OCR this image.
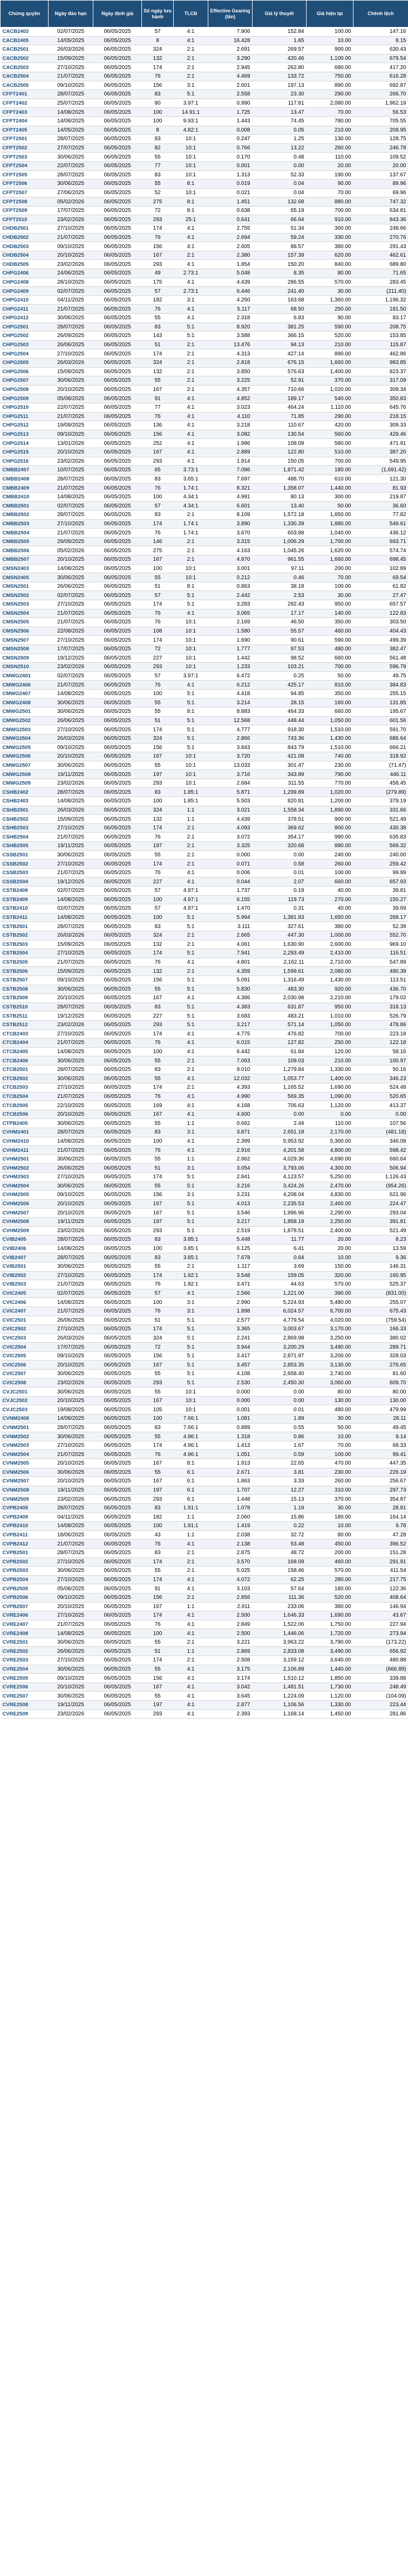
Chứng quyền	Ngày đáo hạn	Ngày định giá	Số ngày lưu hành	TLCĐ	Effective Gearing (lần)	Giá lý thuyết	Giá hiện tại	Chênh lệch
CACB2403	02/07/2025	06/05/2025	57	4:1	7.906	152.84	100.00	147.16
CACB2405	14/05/2025	06/05/2025	8	4:1	16.428	1.65	10.00	8.15
CACB2501	26/03/2026	06/05/2025	324	2:1	2.691	269.57	900.00	630.43
CACB2502	15/09/2025	06/05/2025	132	2:1	3.290	420.46	1,100.00	679.54
CACB2503	27/10/2025	06/05/2025	174	2:1	2.945	262.80	680.00	417.20
CACB2504	21/07/2025	06/05/2025	76	2:1	4.469	133.72	750.00	616.28
CACB2505	09/10/2025	06/05/2025	156	3:1	2.601	197.13	890.00	692.87
CFPT2401	28/07/2025	06/05/2025	83	5:1	2.558	23.30	290.00	266.70
CFPT2402	25/07/2025	06/05/2025	80	3.97:1	0.990	117.81	2,080.00	1,962.19
CFPT2403	14/08/2025	06/05/2025	100	14.91:1	1.725	13.47	70.00	56.53
CFPT2404	14/08/2025	06/05/2025	100	9.93:1	1.443	74.45	780.00	705.55
CFPT2405	14/05/2025	06/05/2025	8	4.82:1	0.008	0.05	210.00	209.95
CFPT2501	28/07/2025	06/05/2025	83	10:1	0.247	1.25	130.00	128.75
CFPT2502	27/07/2025	06/05/2025	82	10:1	0.766	13.22	260.00	246.78
CFPT2503	30/06/2025	06/05/2025	55	10:1	0.170	0.48	110.00	109.52
CFPT2504	22/07/2025	06/05/2025	77	10:1	0.001	0.00	20.00	20.00
CFPT2505	28/07/2025	06/05/2025	83	10:1	1.313	52.33	190.00	137.67
CFPT2506	30/06/2025	06/05/2025	55	8:1	0.019	0.04	90.00	89.96
CFPT2507	27/06/2025	06/05/2025	52	10:1	0.021	0.04	70.00	69.96
CFPT2508	05/02/2026	06/05/2025	275	8:1	1.451	132.68	880.00	747.32
CFPT2509	17/07/2025	06/05/2025	72	8:1	0.638	65.19	700.00	634.81
CFPT2510	23/02/2026	06/05/2025	293	25:1	0.641	66.64	910.00	843.36
CHDB2501	27/10/2025	06/05/2025	174	4:1	2.755	51.34	300.00	248.66
CHDB2502	21/07/2025	06/05/2025	76	4:1	2.694	59.24	330.00	270.76
CHDB2503	09/10/2025	06/05/2025	156	4:1	2.605	88.57	380.00	291.43
CHDB2504	20/10/2025	06/05/2025	167	2:1	2.380	157.39	620.00	462.61
CHDB2505	23/02/2026	06/05/2025	293	4:1	1.854	150.20	840.00	689.80
CHPG2406	24/06/2025	06/05/2025	49	2.73:1	5.048	8.35	80.00	71.65
CHPG2408	28/10/2025	06/05/2025	175	4:1	4.439	286.55	570.00	283.45
CHPG2409	02/07/2025	06/05/2025	57	2.73:1	6.446	241.40	30.00	(211.40)
CHPG2410	04/11/2025	06/05/2025	182	3:1	4.250	163.68	1,360.00	1,196.32
CHPG2411	21/07/2025	06/05/2025	76	4:1	5.117	68.50	250.00	181.50
CHPG2412	30/06/2025	06/05/2025	55	4:1	2.318	6.83	90.00	83.17
CHPG2501	28/07/2025	06/05/2025	83	5:1	8.920	381.25	590.00	208.75
CHPG2502	26/09/2025	06/05/2025	143	5:1	3.588	366.15	520.00	153.85
CHPG2503	26/06/2025	06/05/2025	51	2:1	13.476	94.13	210.00	115.87
CHPG2504	27/10/2025	06/05/2025	174	2:1	4.313	427.14	890.00	462.86
CHPG2505	26/03/2026	06/05/2025	324	2:1	2.818	676.15	1,660.00	983.85
CHPG2506	15/09/2025	06/05/2025	132	2:1	3.850	576.63	1,400.00	823.37
CHPG2507	30/06/2025	06/05/2025	55	2:1	3.225	52.91	370.00	317.09
CHPG2508	20/10/2025	06/05/2025	167	2:1	4.357	710.66	1,020.00	309.34
CHPG2509	05/08/2025	06/05/2025	91	4:1	4.852	189.17	540.00	350.83
CHPG2510	22/07/2025	06/05/2025	77	4:1	3.023	464.24	1,110.00	645.76
CHPG2511	21/07/2025	06/05/2025	76	4:1	4.110	71.85	290.00	218.15
CHPG2512	19/09/2025	06/05/2025	136	4:1	3.218	110.67	420.00	309.33
CHPG2513	09/10/2025	06/05/2025	156	4:1	3.082	130.54	560.00	429.46
CHPG2514	13/01/2026	06/05/2025	252	4:1	1.996	108.09	580.00	471.91
CHPG2515	20/10/2025	06/05/2025	167	4:1	2.889	122.80	510.00	387.20
CHPG2516	23/02/2026	06/05/2025	293	4:1	1.914	150.05	700.00	549.95
CMBB2407	10/07/2025	06/05/2025	65	3.73:1	7.086	1,871.42	180.00	(1,691.42)
CMBB2408	28/07/2025	06/05/2025	83	3.65:1	7.697	488.70	610.00	121.30
CMBB2409	21/07/2025	06/05/2025	76	1.74:1	8.321	1,358.07	1,440.00	81.93
CMBB2410	14/08/2025	06/05/2025	100	4.34:1	4.991	80.13	300.00	219.87
CMBB2501	02/07/2025	06/05/2025	57	4.34:1	6.601	13.40	50.00	36.60
CMBB2502	28/07/2025	06/05/2025	83	2:1	8.109	1,572.18	1,650.00	77.82
CMBB2503	27/10/2025	06/05/2025	174	1.74:1	3.890	1,330.39	1,880.00	549.61
CMBB2504	21/07/2025	06/05/2025	76	1.74:1	3.670	603.88	1,040.00	436.12
CMBB2505	29/09/2025	06/05/2025	146	2:1	3.315	1,006.29	1,700.00	693.71
CMBB2506	05/02/2026	06/05/2025	275	2:1	4.163	1,045.26	1,620.00	574.74
CMBB2507	20/10/2025	06/05/2025	167	2:1	4.870	961.55	1,660.00	698.45
CMSN2403	14/08/2025	06/05/2025	100	10:1	3.001	97.11	200.00	102.89
CMSN2405	30/06/2025	06/05/2025	55	10:1	0.212	0.46	70.00	69.54
CMSN2501	26/06/2025	06/05/2025	51	8:1	0.863	38.18	100.00	61.82
CMSN2502	02/07/2025	06/05/2025	57	5:1	2.442	2.53	30.00	27.47
CMSN2503	27/10/2025	06/05/2025	174	5:1	3.283	292.43	950.00	657.57
CMSN2504	21/07/2025	06/05/2025	76	4:1	3.065	17.17	140.00	122.83
CMSN2505	21/07/2025	06/05/2025	76	10:1	2.169	46.50	350.00	303.50
CMSN2506	22/08/2025	06/05/2025	108	10:1	1.580	55.57	460.00	404.43
CMSN2507	27/10/2025	06/05/2025	174	10:1	1.690	90.61	590.00	499.39
CMSN2508	17/07/2025	06/05/2025	72	10:1	1.777	97.53	480.00	382.47
CMSN2509	19/12/2025	06/05/2025	227	10:1	1.442	98.52	660.00	561.48
CMSN2510	23/02/2026	06/05/2025	293	10:1	1.233	103.21	700.00	596.79
CMWG2401	02/07/2025	06/05/2025	57	3.97:1	6.472	0.25	50.00	49.75
CMWG2406	21/07/2025	06/05/2025	76	4:1	6.212	425.17	810.00	384.83
CMWG2407	14/08/2025	06/05/2025	100	5:1	4.418	94.85	350.00	255.15
CMWG2408	30/06/2025	06/05/2025	55	5:1	3.214	28.15	160.00	131.85
CMWG2501	30/06/2025	06/05/2025	55	8:1	8.883	464.33	660.00	195.67
CMWG2502	26/06/2025	06/05/2025	51	5:1	12.568	448.44	1,050.00	601.56
CMWG2503	27/10/2025	06/05/2025	174	5:1	4.777	918.30	1,510.00	591.70
CMWG2504	26/03/2026	06/05/2025	324	5:1	2.866	743.36	1,430.00	686.64
CMWG2505	09/10/2025	06/05/2025	156	5:1	3.843	843.79	1,510.00	666.21
CMWG2506	20/10/2025	06/05/2025	167	10:1	3.720	421.08	740.00	318.92
CMWG2507	30/06/2025	06/05/2025	55	10:1	13.033	301.47	230.00	(71.47)
CMWG2508	19/11/2025	06/05/2025	197	10:1	3.716	343.89	790.00	446.11
CMWG2509	23/02/2026	06/05/2025	293	10:1	2.684	311.55	770.00	458.45
CSHB2402	28/07/2025	06/05/2025	83	1.85:1	5.871	1,299.89	1,020.00	(279.89)
CSHB2403	14/08/2025	06/05/2025	100	1.85:1	5.503	820.81	1,200.00	379.19
CSHB2501	26/03/2026	06/05/2025	324	1:1	3.021	1,558.34	1,890.00	331.66
CSHB2502	15/09/2025	06/05/2025	132	1:1	4.439	378.51	900.00	521.49
CSHB2503	27/10/2025	06/05/2025	174	2:1	4.093	369.62	800.00	430.38
CSHB2504	21/07/2025	06/05/2025	76	2:1	3.072	354.17	990.00	635.83
CSHB2505	19/11/2025	06/05/2025	197	2:1	3.325	320.68	890.00	569.32
CSSB2501	30/06/2025	06/05/2025	55	2:1	0.000	0.00	240.00	240.00
CSSB2502	27/10/2025	06/05/2025	174	2:1	0.071	0.58	260.00	259.42
CSSB2503	21/07/2025	06/05/2025	76	4:1	0.006	0.01	100.00	99.99
CSSB2504	19/12/2025	06/05/2025	227	4:1	0.044	2.07	660.00	657.93
CSTB2408	02/07/2025	06/05/2025	57	4.97:1	1.737	0.19	40.00	39.81
CSTB2409	14/08/2025	06/05/2025	100	4.97:1	6.155	119.73	270.00	150.27
CSTB2410	02/07/2025	06/05/2025	57	4.97:1	1.470	0.31	40.00	39.69
CSTB2411	14/08/2025	06/05/2025	100	5:1	5.994	1,381.83	1,650.00	268.17
CSTB2501	28/07/2025	06/05/2025	83	5:1	3.111	327.61	380.00	52.39
CSTB2502	26/03/2026	06/05/2025	324	2:1	2.665	447.30	1,000.00	552.70
CSTB2503	15/09/2025	06/05/2025	132	2:1	4.061	1,630.90	2,600.00	969.10
CSTB2504	27/10/2025	06/05/2025	174	5:1	7.941	2,293.49	2,410.00	116.51
CSTB2505	21/07/2025	06/05/2025	76	4:1	4.801	2,162.11	2,710.00	547.89
CSTB2506	15/09/2025	06/05/2025	132	2:1	4.359	1,599.61	2,080.00	480.39
CSTB2507	09/10/2025	06/05/2025	156	5:1	5.091	1,316.49	1,430.00	113.51
CSTB2508	30/06/2025	06/05/2025	55	5:1	5.830	483.30	920.00	436.70
CSTB2509	20/10/2025	06/05/2025	167	4:1	4.386	2,030.98	2,210.00	179.02
CSTB2510	28/07/2025	06/05/2025	83	5:1	4.383	631.87	950.00	318.13
CSTB2511	19/12/2025	06/05/2025	227	5:1	3.683	483.21	1,010.00	526.79
CSTB2512	23/02/2026	06/05/2025	293	5:1	3.217	571.14	1,050.00	478.86
CTCB2403	27/10/2025	06/05/2025	174	4:1	4.775	476.82	700.00	223.18
CTCB2404	21/07/2025	06/05/2025	76	4:1	6.015	127.82	250.00	122.18
CTCB2405	14/08/2025	06/05/2025	100	4:1	6.442	61.84	120.00	58.16
CTCB2406	30/06/2025	06/05/2025	55	2:1	7.063	109.03	210.00	100.97
CTCB2501	28/07/2025	06/05/2025	83	2:1	9.010	1,279.84	1,330.00	50.16
CTCB2502	30/06/2025	06/05/2025	55	4:1	12.032	1,053.77	1,400.00	346.23
CTCB2503	27/10/2025	06/05/2025	174	2:1	4.393	1,165.52	1,690.00	524.48
CTCB2504	21/07/2025	06/05/2025	76	4:1	4.990	569.35	1,090.00	520.65
CTCB2505	22/10/2025	06/05/2025	169	4:1	4.168	706.63	1,120.00	413.37
CTCB2506	20/10/2025	06/05/2025	167	4:1	4.600	0.00	0.00	0.00
CTPB2405	30/06/2025	06/05/2025	55	1:1	0.662	2.44	110.00	107.56
CVHM2401	28/07/2025	06/05/2025	83	3:1	3.871	2,651.18	2,170.00	(481.18)
CVHM2410	14/08/2025	06/05/2025	100	4:1	2.399	5,953.92	5,300.00	346.08
CVHM2411	21/07/2025	06/05/2025	76	4:1	2.916	4,201.58	4,800.00	598.42
CVHM2501	30/06/2025	06/05/2025	55	1:1	2.962	4,029.36	4,690.00	660.64
CVHM2502	26/06/2025	06/05/2025	51	3:1	3.054	3,793.06	4,300.00	506.94
CVHM2503	27/10/2025	06/05/2025	174	5:1	2.841	4,123.57	5,250.00	1,126.43
CVHM2504	30/06/2025	06/05/2025	55	5:1	3.216	3,424.26	2,470.00	(954.26)
CVHM2505	09/10/2025	06/05/2025	156	3:1	3.231	4,208.04	4,830.00	621.96
CVHM2506	20/10/2025	06/05/2025	167	5:1	4.013	2,235.53	2,460.00	224.47
CVHM2507	20/10/2025	06/05/2025	167	5:1	3.546	1,996.96	2,290.00	293.04
CVHM2508	19/11/2025	06/05/2025	197	5:1	3.217	1,858.19	2,250.00	391.81
CVHM2509	23/02/2026	06/05/2025	293	5:1	2.519	1,878.51	2,400.00	521.49
CVIB2405	28/07/2025	06/05/2025	83	3.85:1	5.448	11.77	20.00	8.23
CVIB2406	14/08/2025	06/05/2025	100	3.85:1	6.125	6.41	20.00	13.59
CVIB2407	28/07/2025	06/05/2025	83	3.85:1	7.678	0.64	10.00	9.36
CVIB2501	30/06/2025	06/05/2025	55	2:1	1.117	3.69	150.00	146.31
CVIB2502	27/10/2025	06/05/2025	174	1.92:1	3.548	159.05	320.00	160.95
CVIB2503	21/07/2025	06/05/2025	76	1.92:1	3.471	44.63	570.00	525.37
CVIC2405	02/07/2025	06/05/2025	57	4:1	2.566	1,221.00	390.00	(831.00)
CVIC2406	14/08/2025	06/05/2025	100	3:1	2.990	5,224.93	5,480.00	255.07
CVIC2407	21/07/2025	06/05/2025	76	3:1	1.898	6,024.57	6,700.00	675.43
CVIC2501	26/06/2025	06/05/2025	51	5:1	2.577	4,779.54	4,020.00	(759.54)
CVIC2502	27/10/2025	06/05/2025	174	5:1	3.365	3,003.67	3,170.00	166.33
CVIC2503	26/03/2026	06/05/2025	324	5:1	2.241	2,869.98	3,250.00	380.02
CVIC2504	17/07/2025	06/05/2025	72	5:1	3.944	3,200.29	3,490.00	289.71
CVIC2505	09/10/2025	06/05/2025	156	5:1	3.417	2,871.97	3,200.00	328.03
CVIC2506	20/10/2025	06/05/2025	167	5:1	3.457	2,853.35	3,130.00	276.65
CVIC2507	30/06/2025	06/05/2025	55	5:1	4.108	2,658.40	2,740.00	81.60
CVIC2508	23/02/2026	06/05/2025	293	5:1	2.530	2,450.30	3,060.00	609.70
CVJC2501	30/06/2025	06/05/2025	55	10:1	0.000	0.00	80.00	80.00
CVJC2502	20/10/2025	06/05/2025	167	10:1	0.000	0.00	130.00	130.00
CVJC2503	19/08/2025	06/05/2025	105	10:1	0.001	0.01	480.00	479.99
CVNM2408	14/08/2025	06/05/2025	100	7.66:1	1.081	1.89	30.00	28.11
CVNM2501	28/07/2025	06/05/2025	83	7.66:1	0.889	0.55	50.00	49.45
CVNM2502	30/06/2025	06/05/2025	55	4.96:1	1.318	0.86	10.00	9.14
CVNM2503	27/10/2025	06/05/2025	174	4.96:1	1.413	1.67	70.00	68.33
CVNM2504	21/07/2025	06/05/2025	76	4.96:1	1.051	0.59	100.00	99.41
CVNM2505	20/10/2025	06/05/2025	167	8:1	1.913	22.65	470.00	447.35
CVNM2506	30/06/2025	06/05/2025	55	6:1	2.671	3.81	230.00	226.19
CVNM2507	20/10/2025	06/05/2025	167	6:1	1.863	3.33	260.00	256.67
CVNM2508	19/11/2025	06/05/2025	197	6:1	1.707	12.27	310.00	297.73
CVNM2509	23/02/2026	06/05/2025	293	6:1	1.448	15.13	370.00	354.87
CVPB2405	28/07/2025	06/05/2025	83	1.91:1	1.078	1.19	30.00	28.81
CVPB2409	04/11/2025	06/05/2025	182	1:1	2.060	15.86	180.00	164.14
CVPB2410	14/08/2025	06/05/2025	100	1.91:1	1.419	0.22	10.00	9.78
CVPB2411	18/06/2025	06/05/2025	43	1:1	2.038	32.72	80.00	47.28
CVPB2412	21/07/2025	06/05/2025	76	4:1	2.138	53.48	450.00	396.52
CVPB2501	28/07/2025	06/05/2025	83	2:1	2.875	48.72	200.00	151.28
CVPB2502	27/10/2025	06/05/2025	174	2:1	3.570	168.09	460.00	291.91
CVPB2503	30/06/2025	06/05/2025	55	2:1	5.025	158.46	570.00	411.54
CVPB2504	27/10/2025	06/05/2025	174	4:1	4.072	62.25	280.00	217.75
CVPB2505	05/08/2025	06/05/2025	91	4:1	3.103	57.64	180.00	122.36
CVPB2506	09/10/2025	06/05/2025	156	2:1	2.856	111.36	520.00	408.64
CVPB2507	20/10/2025	06/05/2025	167	1:1	2.911	233.06	380.00	146.94
CVRE2406	27/10/2025	06/05/2025	174	4:1	2.500	1,646.33	1,690.00	43.67
CVRE2407	21/07/2025	06/05/2025	76	4:1	2.849	1,522.06	1,750.00	227.94
CVRE2408	14/08/2025	06/05/2025	100	4:1	2.500	1,446.06	1,720.00	273.94
CVRE2501	30/06/2025	06/05/2025	55	2:1	3.221	3,963.22	3,790.00	(173.22)
CVRE2502	26/06/2025	06/05/2025	51	1:1	2.869	2,833.08	3,490.00	656.92
CVRE2503	27/10/2025	06/05/2025	174	2:1	2.508	3,159.12	3,640.00	480.88
CVRE2504	30/06/2025	06/05/2025	55	4:1	3.175	2,106.89	1,440.00	(666.89)
CVRE2505	09/10/2025	06/05/2025	156	4:1	3.174	1,510.12	1,850.00	339.88
CVRE2506	20/10/2025	06/05/2025	167	4:1	3.042	1,481.51	1,730.00	248.49
CVRE2507	30/06/2025	06/05/2025	55	4:1	3.645	1,224.09	1,120.00	(104.09)
CVRE2508	19/11/2025	06/05/2025	197	4:1	2.877	1,106.56	1,330.00	223.44
CVRE2509	23/02/2026	06/05/2025	293	4:1	2.393	1,168.14	1,450.00	281.86
